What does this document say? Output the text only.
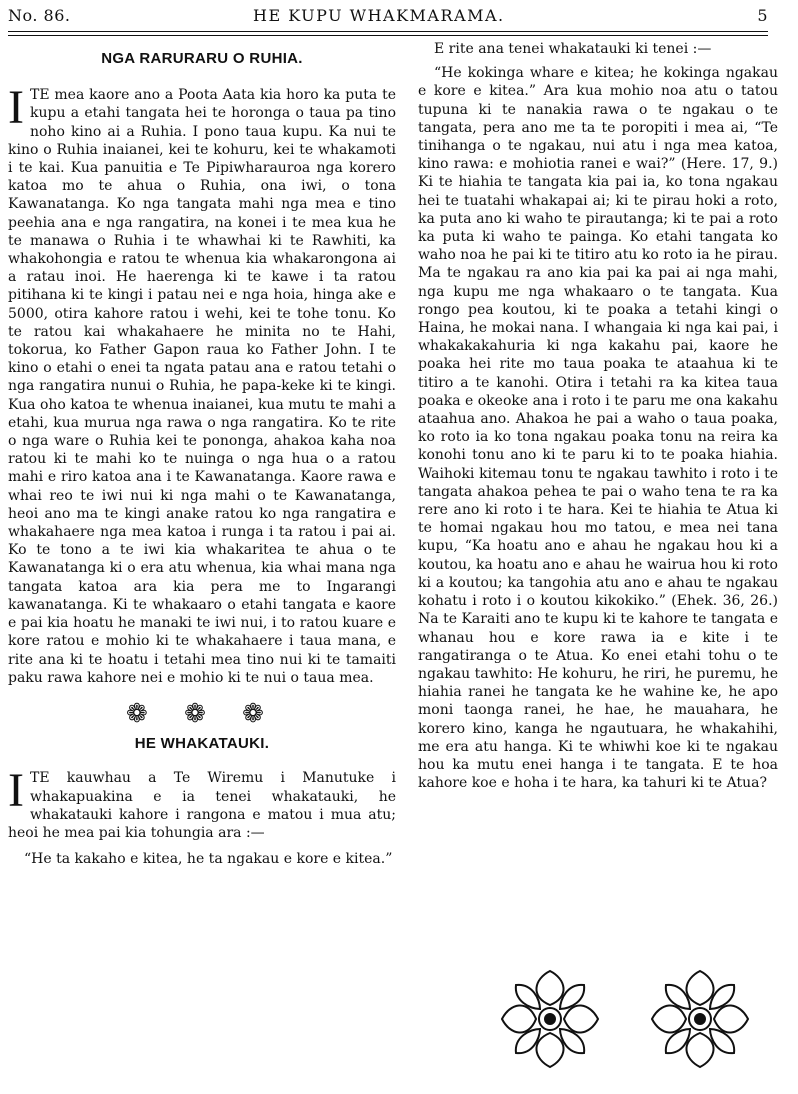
No. 86.	HE KUPU WHAKMARAMA.	5
NGA RARURARU O RUHIA.
I TE mea kaore ano a Poota Aata kia horo ka puta te kupu a etahi tangata hei te horonga o taua pa tino noho kino ai a Ruhia. I pono taua kupu. Ka nui te kino o Ruhia inaianei, kei te kohuru, kei te whakamoti i te kai. Kua panuitia e Te Pipiwharauroa nga korero katoa mo te ahua o Ruhia, ona iwi, o tona Kawanatanga. Ko nga tangata mahi nga mea e tino peehia ana e nga rangatira, na konei i te mea kua he te manawa o Ruhia i te whawhai ki te Rawhiti, ka whakohongia e ratou te whenua kia whakarongona ai a ratau inoi. He haerenga ki te kawe i ta ratou pitihana ki te kingi i patau nei e nga hoia, hinga ake e 5000, otira kahore ratou i wehi, kei te tohe tonu. Ko te ratou kai whakahaere he minita no te Hahi, tokorua, ko Father Gapon raua ko Father John. I te kino o etahi o enei ta ngata patau ana e ratou tetahi o nga rangatira nunui o Ruhia, he papa-keke ki te kingi. Kua oho katoa te whenua inaianei, kua mutu te mahi a etahi, kua murua nga rawa o nga rangatira. Ko te rite o nga ware o Ruhia kei te pononga, ahakoa kaha noa ratou ki te mahi ko te nuinga o nga hua o a ratou mahi e riro katoa ana i te Kawanatanga. Kaore rawa e whai reo te iwi nui ki nga mahi o te Kawanatanga, heoi ano ma te kingi anake ratou ko nga rangatira e whakahaere nga mea katoa i runga i ta ratou i pai ai. Ko te tono a te iwi kia whakaritea te ahua o te Kawanatanga ki o era atu whenua, kia whai mana nga tangata katoa ara kia pera me to Ingarangi kawanatanga. Ki te whakaaro o etahi tangata e kaore e pai kia hoatu he manaki te iwi nui, i to ratou kuare e kore ratou e mohio ki te whakahaere i taua mana, e rite ana ki te hoatu i tetahi mea tino nui ki te tamaiti paku rawa kahore nei e mohio ki te nui o taua mea.

❁ ❁ ❁
HE WHAKATAUKI.
I TE kauwhau a Te Wiremu i Manutuke i whakapuakina e ia tenei whakatauki, he whakatauki kahore i rangona e matou i mua atu; heoi he mea pai kia tohungia ara :—

“He ta kakaho e kitea, he ta ngakau e kore e kitea.”

E rite ana tenei whakatauki ki tenei :—

“He kokinga whare e kitea; he kokinga ngakau e kore e kitea.” Ara kua mohio noa atu o tatou tupuna ki te nanakia rawa o te ngakau o te tangata, pera ano me ta te poropiti i mea ai, “Te tinihanga o te ngakau, nui atu i nga mea katoa, kino rawa: e mohiotia ranei e wai?” (Here. 17, 9.) Ki te hiahia te tangata kia pai ia, ko tona ngakau hei te tuatahi whakapai ai; ki te pirau hoki a roto, ka puta ano ki waho te pirautanga; ki te pai a roto ka puta ki waho te painga. Ko etahi tangata ko waho noa he pai ki te titiro atu ko roto ia he pirau. Ma te ngakau ra ano kia pai ka pai ai nga mahi, nga kupu me nga whakaaro o te tangata. Kua rongo pea koutou, ki te poaka a tetahi kingi o Haina, he mokai nana. I whangaia ki nga kai pai, i whakakakahuria ki nga kakahu pai, kaore he poaka hei rite mo taua poaka te ataahua ki te titiro a te kanohi. Otira i tetahi ra ka kitea taua poaka e okeoke ana i roto i te paru me ona kakahu ataahua ano. Ahakoa he pai a waho o taua poaka, ko roto ia ko tona ngakau poaka tonu na reira ka konohi tonu ano ki te paru ki to te poaka hiahia. Waihoki kitemau tonu te ngakau tawhito i roto i te tangata ahakoa pehea te pai o waho tena te ra ka rere ano ki roto i te hara. Kei te hiahia te Atua ki te homai ngakau hou mo tatou, e mea nei tana kupu, “Ka hoatu ano e ahau he ngakau hou ki a koutou, ka hoatu ano e ahau he wairua hou ki roto ki a koutou; ka tangohia atu ano e ahau te ngakau kohatu i roto i o koutou kikokiko.” (Ehek. 36, 26.) Na te Karaiti ano te kupu ki te kahore te tangata e whanau hou e kore rawa ia e kite i te rangatiranga o te Atua. Ko enei etahi tohu o te ngakau tawhito: He kohuru, he riri, he puremu, he hiahia ranei he tangata ke he wahine ke, he apo moni taonga ranei, he hae, he mauahara, he korero kino, kanga he ngautuara, he whakahihi, me era atu hanga. Ki te whiwhi koe ki te ngakau hou ka mutu enei hanga i te tangata. E te hoa kahore koe e hoha i te hara, ka tahuri ki te Atua?
